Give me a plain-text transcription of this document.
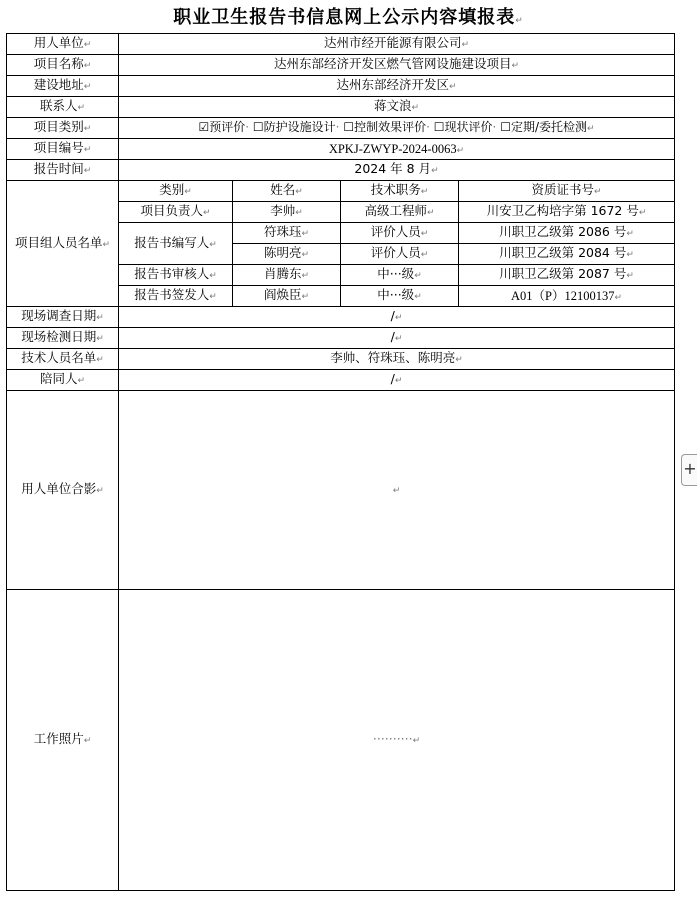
职业卫生报告书信息网上公示内容填报表↵
用人单位↵	达州市经开能源有限公司↵			
项目名称↵	达州东部经济开发区燃气管网设施建设项目↵			
建设地址↵	达州东部经济开发区↵			
联系人↵	蒋文浪↵			
项目类别↵	☑预评价· ☐防护设施设计· ☐控制效果评价· ☐现状评价· ☐定期/委托检测↵			
项目编号↵	XPKJ-ZWYP-2024-0063↵			
报告时间↵	2024 年 8 月↵			
项目组人员名单↵	类别↵	姓名↵	技术职务↵	资质证书号↵
	项目负责人↵	李帅↵	高级工程师↵	川安卫乙构培字第 1672 号↵
	报告书编写人↵	符珠珏↵	评价人员↵	川职卫乙级第 2086 号↵
		陈明亮↵	评价人员↵	川职卫乙级第 2084 号↵
	报告书审核人↵	肖腾东↵	中···级↵	川职卫乙级第 2087 号↵
	报告书签发人↵	阎焕臣↵	中···级↵	A01（P）12100137↵
现场调查日期↵	/↵			
现场检测日期↵	/↵			
技术人员名单↵	李帅、符珠珏、陈明亮↵			
陪同人↵	/↵			
用人单位合影↵	↵			
工作照片↵	··········↵			
+
